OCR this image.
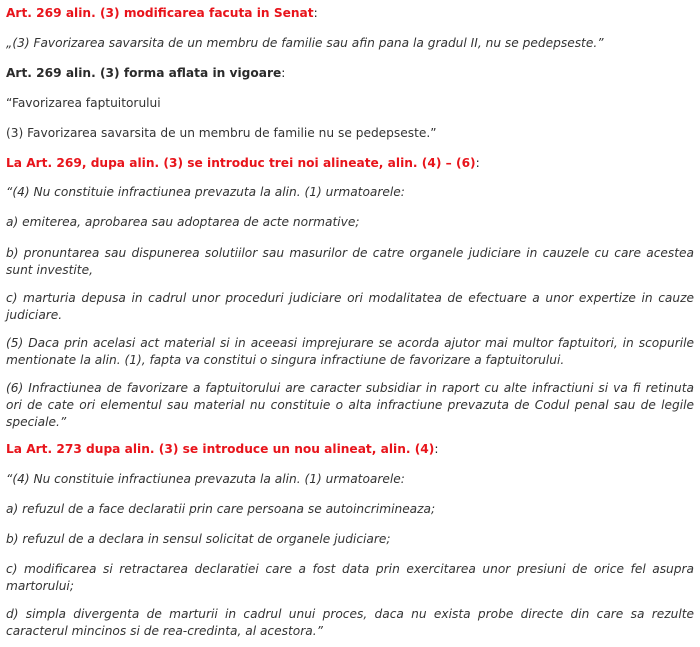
Art. 269 alin. (3) modificarea facuta in Senat:
„(3) Favorizarea savarsita de un membru de familie sau afin pana la gradul II, nu se pedepseste.”
Art. 269 alin. (3) forma aflata in vigoare:
“Favorizarea faptuitorului
(3) Favorizarea savarsita de un membru de familie nu se pedepseste.”
La Art. 269, dupa alin. (3) se introduc trei noi alineate, alin. (4) – (6):
“(4) Nu constituie infractiunea prevazuta la alin. (1) urmatoarele:
a) emiterea, aprobarea sau adoptarea de acte normative;
b) pronuntarea sau dispunerea solutiilor sau masurilor de catre organele judiciare in cauzele cu care acestea sunt investite,
c) marturia depusa in cadrul unor proceduri judiciare ori modalitatea de efectuare a unor expertize in cauze judiciare.
(5) Daca prin acelasi act material si in aceeasi imprejurare se acorda ajutor mai multor faptuitori, in scopurile mentionate la alin. (1), fapta va constitui o singura infractiune de favorizare a faptuitorului.
(6) Infractiunea de favorizare a faptuitorului are caracter subsidiar in raport cu alte infractiuni si va fi retinuta ori de cate ori elementul sau material nu constituie o alta infractiune prevazuta de Codul penal sau de legile speciale.”
La Art. 273 dupa alin. (3) se introduce un nou alineat, alin. (4):
“(4) Nu constituie infractiunea prevazuta la alin. (1) urmatoarele:
a) refuzul de a face declaratii prin care persoana se autoincrimineaza;
b) refuzul de a declara in sensul solicitat de organele judiciare;
c) modificarea si retractarea declaratiei care a fost data prin exercitarea unor presiuni de orice fel asupra martorului;
d) simpla divergenta de marturii in cadrul unui proces, daca nu exista probe directe din care sa rezulte caracterul mincinos si de rea-credinta, al acestora.”
